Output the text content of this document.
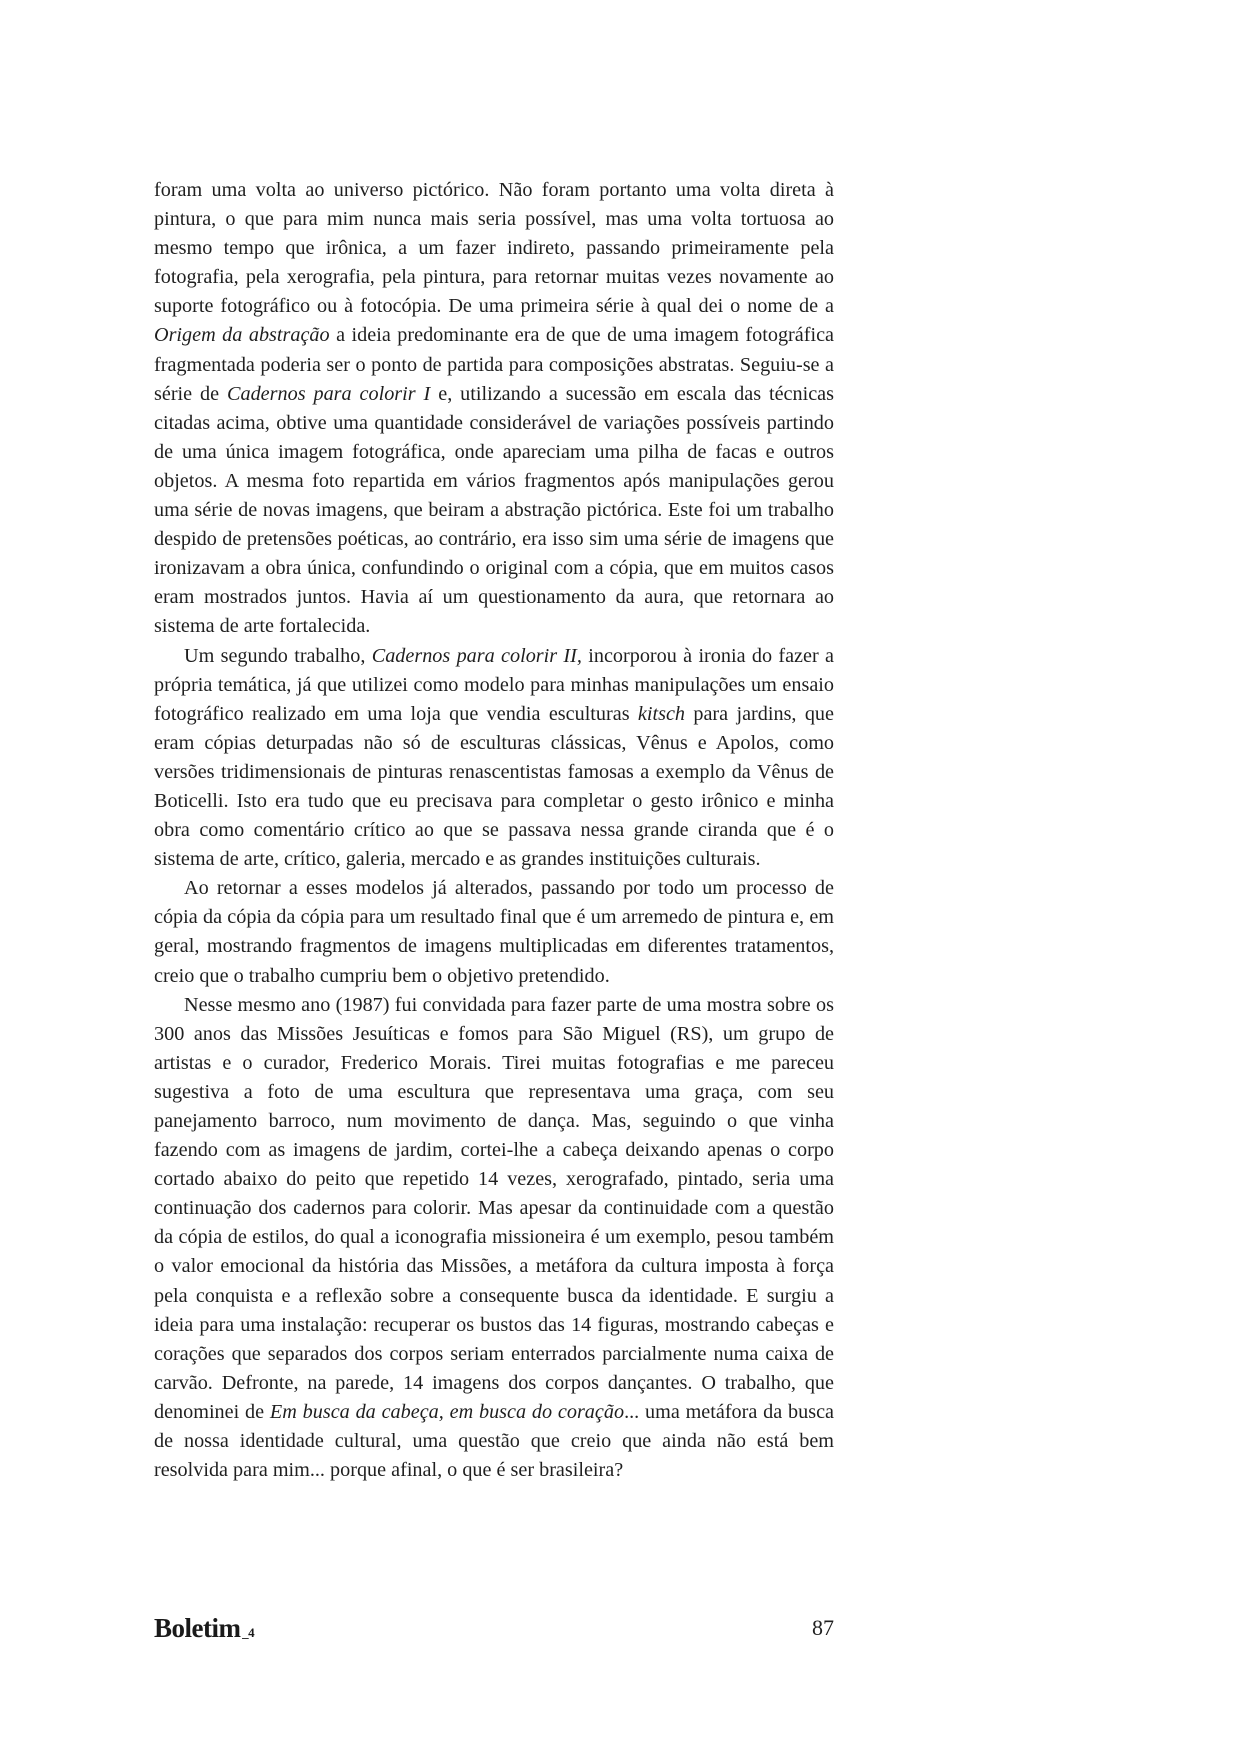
foram uma volta ao universo pictórico. Não foram portanto uma volta direta à pintura, o que para mim nunca mais seria possível, mas uma volta tortuosa ao mesmo tempo que irônica, a um fazer indireto, passando primeiramente pela fotografia, pela xerografia, pela pintura, para retornar muitas vezes novamente ao suporte fotográfico ou à fotocópia. De uma primeira série à qual dei o nome de a Origem da abstração a ideia predominante era de que de uma imagem fotográfica fragmentada poderia ser o ponto de partida para composições abstratas. Seguiu-se a série de Cadernos para colorir I e, utilizando a sucessão em escala das técnicas citadas acima, obtive uma quantidade considerável de variações possíveis partindo de uma única imagem fotográfica, onde apareciam uma pilha de facas e outros objetos. A mesma foto repartida em vários fragmentos após manipulações gerou uma série de novas imagens, que beiram a abstração pictórica. Este foi um trabalho despido de pretensões poéticas, ao contrário, era isso sim uma série de imagens que ironizavam a obra única, confundindo o original com a cópia, que em muitos casos eram mostrados juntos. Havia aí um questionamento da aura, que retornara ao sistema de arte fortalecida.

Um segundo trabalho, Cadernos para colorir II, incorporou à ironia do fazer a própria temática, já que utilizei como modelo para minhas manipulações um ensaio fotográfico realizado em uma loja que vendia esculturas kitsch para jardins, que eram cópias deturpadas não só de esculturas clássicas, Vênus e Apolos, como versões tridimensionais de pinturas renascentistas famosas a exemplo da Vênus de Boticelli. Isto era tudo que eu precisava para completar o gesto irônico e minha obra como comentário crítico ao que se passava nessa grande ciranda que é o sistema de arte, crítico, galeria, mercado e as grandes instituições culturais.

Ao retornar a esses modelos já alterados, passando por todo um processo de cópia da cópia da cópia para um resultado final que é um arremedo de pintura e, em geral, mostrando fragmentos de imagens multiplicadas em diferentes tratamentos, creio que o trabalho cumpriu bem o objetivo pretendido.

Nesse mesmo ano (1987) fui convidada para fazer parte de uma mostra sobre os 300 anos das Missões Jesuíticas e fomos para São Miguel (RS), um grupo de artistas e o curador, Frederico Morais. Tirei muitas fotografias e me pareceu sugestiva a foto de uma escultura que representava uma graça, com seu panejamento barroco, num movimento de dança. Mas, seguindo o que vinha fazendo com as imagens de jardim, cortei-lhe a cabeça deixando apenas o corpo cortado abaixo do peito que repetido 14 vezes, xerografado, pintado, seria uma continuação dos cadernos para colorir. Mas apesar da continuidade com a questão da cópia de estilos, do qual a iconografia missioneira é um exemplo, pesou também o valor emocional da história das Missões, a metáfora da cultura imposta à força pela conquista e a reflexão sobre a consequente busca da identidade. E surgiu a ideia para uma instalação: recuperar os bustos das 14 figuras, mostrando cabeças e corações que separados dos corpos seriam enterrados parcialmente numa caixa de carvão. Defronte, na parede, 14 imagens dos corpos dançantes. O trabalho, que denominei de Em busca da cabeça, em busca do coração... uma metáfora da busca de nossa identidade cultural, uma questão que creio que ainda não está bem resolvida para mim... porque afinal, o que é ser brasileira?

Boletim _4	87
